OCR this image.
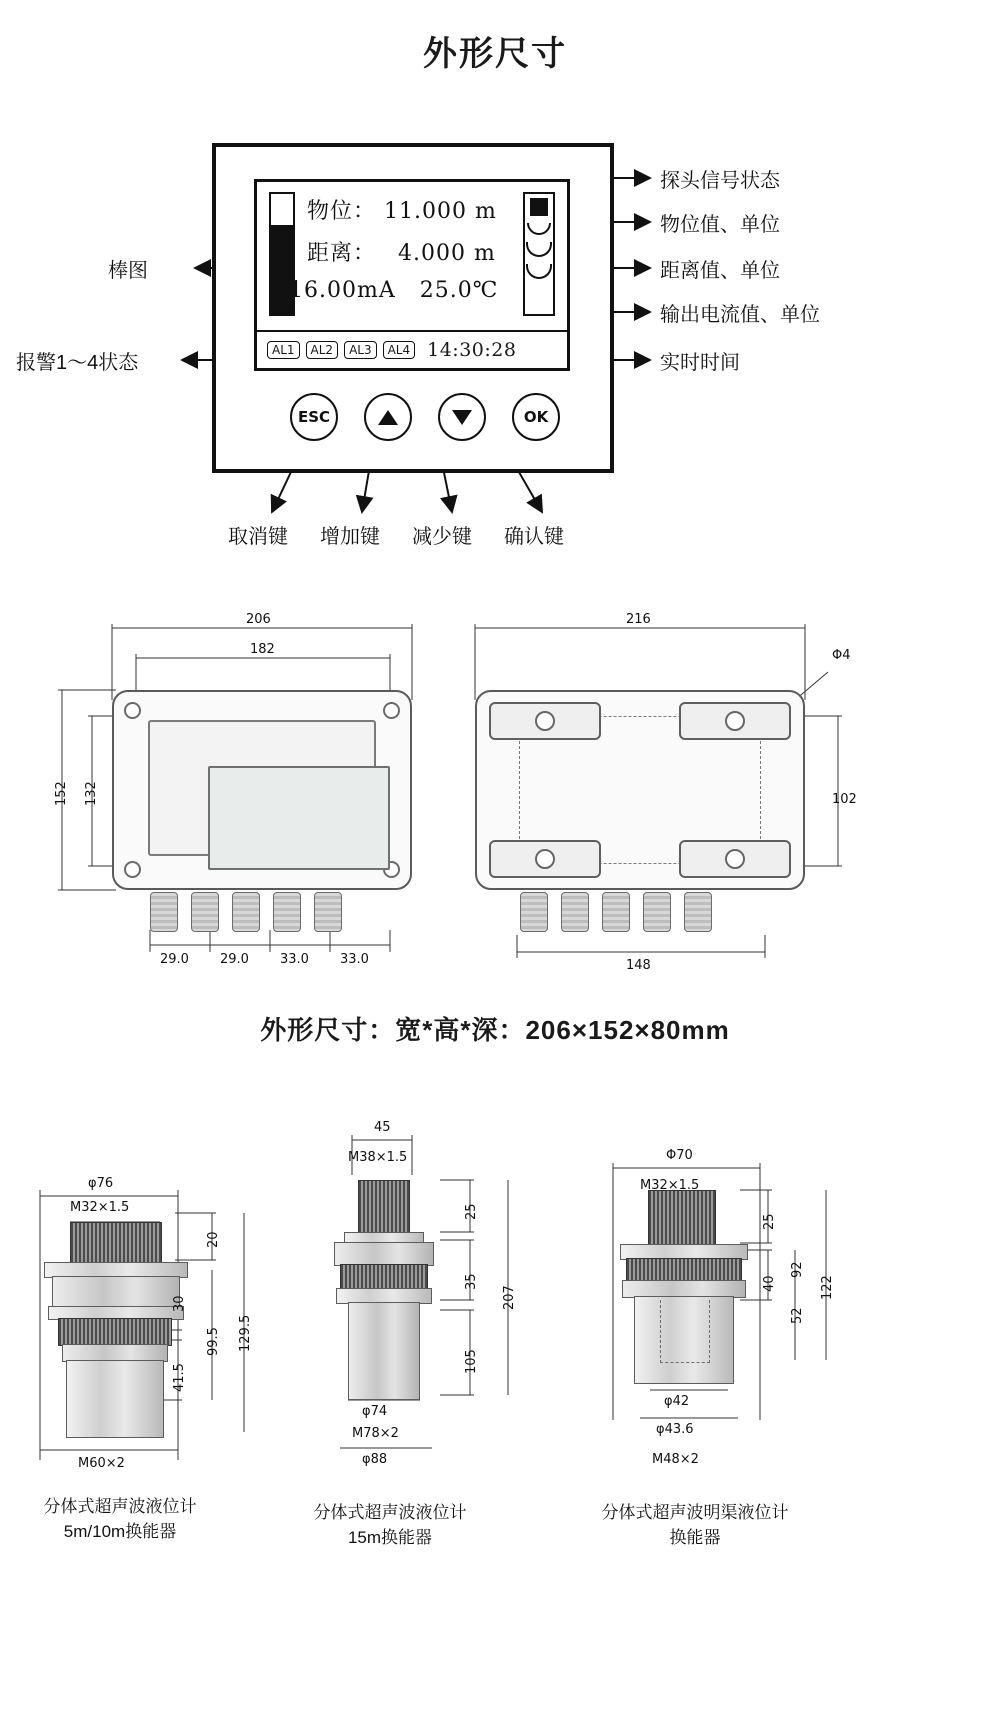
外形尺寸
物位： 11.000 m
距离： 4.000 m
16.00mA 25.0℃
AL1	AL2	AL3	AL4 14:30:28
ESC	OK
探头信号状态
物位值、单位
距离值、单位
输出电流值、单位
实时时间
棒图
报警1～4状态
取消键 增加键 减少键 确认键
206
182
152 132
29.0 29.0 33.0 33.0
216
Φ4
102
148
外形尺寸：宽*高*深：206×152×80mm
φ76
M32×1.5
20
30
41.5
99.5 129.5
M60×2
分体式超声波液位计
5m/10m换能器
45
M38×1.5
25
35
105
207
φ74
M78×2
φ88
分体式超声波液位计
15m换能器
Φ70
M32×1.5
25
40
52
92
122
φ42
φ43.6
M48×2
分体式超声波明渠液位计
换能器
